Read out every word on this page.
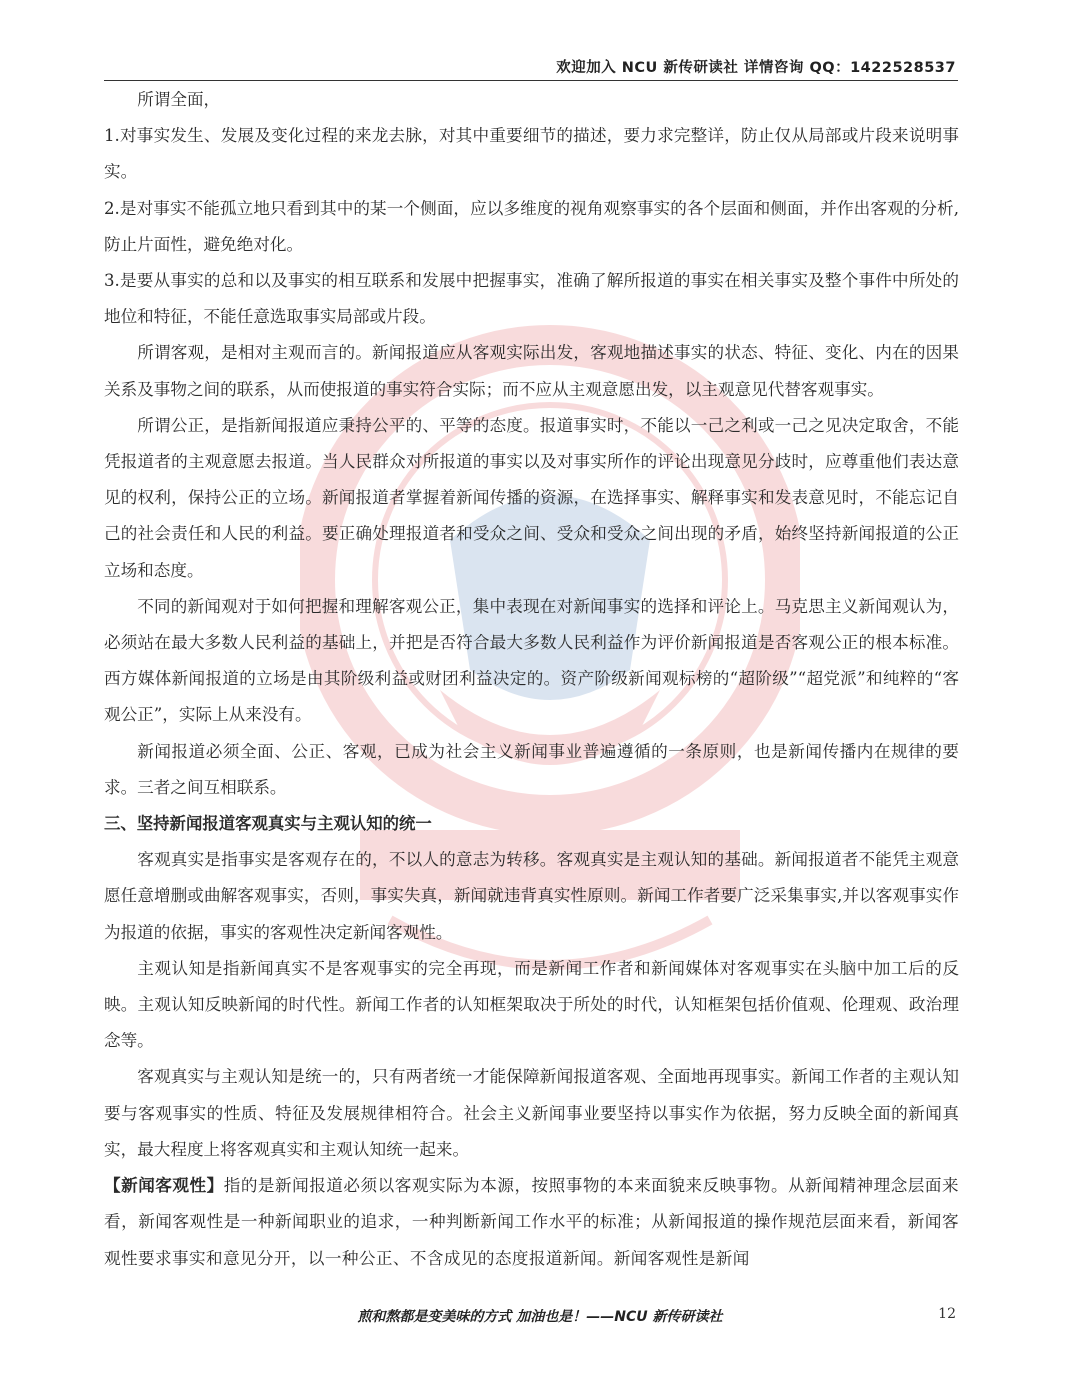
欢迎加入 NCU 新传研读社 详情咨询 QQ：1422528537

所谓全面，

1.对事实发生、发展及变化过程的来龙去脉，对其中重要细节的描述，要力求完整详，防止仅从局部或片段来说明事实。

2.是对事实不能孤立地只看到其中的某一个侧面，应以多维度的视角观察事实的各个层面和侧面，并作出客观的分析,防止片面性，避免绝对化。

3.是要从事实的总和以及事实的相互联系和发展中把握事实，准确了解所报道的事实在相关事实及整个事件中所处的地位和特征，不能任意选取事实局部或片段。

所谓客观，是相对主观而言的。新闻报道应从客观实际出发，客观地描述事实的状态、特征、变化、内在的因果关系及事物之间的联系，从而使报道的事实符合实际；而不应从主观意愿出发，以主观意见代替客观事实。

所谓公正，是指新闻报道应秉持公平的、平等的态度。报道事实时，不能以一己之利或一己之见决定取舍，不能凭报道者的主观意愿去报道。当人民群众对所报道的事实以及对事实所作的评论出现意见分歧时，应尊重他们表达意见的权利，保持公正的立场。新闻报道者掌握着新闻传播的资源，在选择事实、解释事实和发表意见时，不能忘记自己的社会责任和人民的利益。要正确处理报道者和受众之间、受众和受众之间出现的矛盾，始终坚持新闻报道的公正立场和态度。

不同的新闻观对于如何把握和理解客观公正，集中表现在对新闻事实的选择和评论上。马克思主义新闻观认为，必须站在最大多数人民利益的基础上，并把是否符合最大多数人民利益作为评价新闻报道是否客观公正的根本标准。西方媒体新闻报道的立场是由其阶级利益或财团利益决定的。资产阶级新闻观标榜的“超阶级”“超党派”和纯粹的“客观公正”，实际上从来没有。

新闻报道必须全面、公正、客观，已成为社会主义新闻事业普遍遵循的一条原则，也是新闻传播内在规律的要求。三者之间互相联系。

三、坚持新闻报道客观真实与主观认知的统一

客观真实是指事实是客观存在的，不以人的意志为转移。客观真实是主观认知的基础。新闻报道者不能凭主观意愿任意增删或曲解客观事实，否则，事实失真，新闻就违背真实性原则。新闻工作者要广泛采集事实,并以客观事实作为报道的依据，事实的客观性决定新闻客观性。

主观认知是指新闻真实不是客观事实的完全再现，而是新闻工作者和新闻媒体对客观事实在头脑中加工后的反映。主观认知反映新闻的时代性。新闻工作者的认知框架取决于所处的时代，认知框架包括价值观、伦理观、政治理念等。

客观真实与主观认知是统一的，只有两者统一才能保障新闻报道客观、全面地再现事实。新闻工作者的主观认知要与客观事实的性质、特征及发展规律相符合。社会主义新闻事业要坚持以事实作为依据，努力反映全面的新闻真实，最大程度上将客观真实和主观认知统一起来。

【新闻客观性】指的是新闻报道必须以客观实际为本源，按照事物的本来面貌来反映事物。从新闻精神理念层面来看，新闻客观性是一种新闻职业的追求，一种判断新闻工作水平的标准；从新闻报道的操作规范层面来看，新闻客观性要求事实和意见分开，以一种公正、不含成见的态度报道新闻。新闻客观性是新闻

煎和熬都是变美味的方式 加油也是！——NCU 新传研读社	12
